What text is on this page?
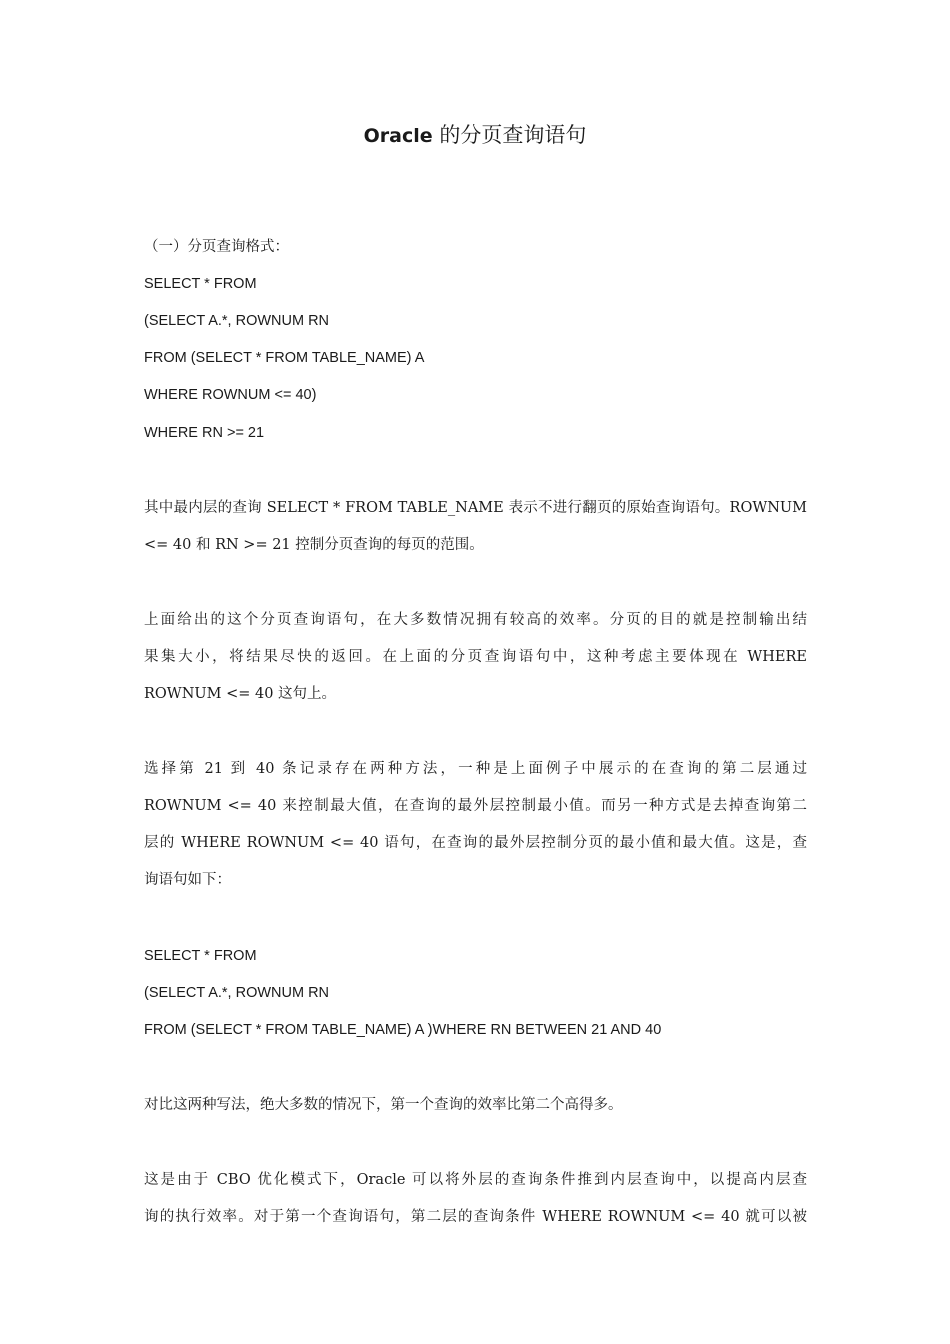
Oracle 的分页查询语句
（一）分页查询格式：
SELECT * FROM
(SELECT A.*, ROWNUM RN
FROM (SELECT * FROM TABLE_NAME) A
WHERE ROWNUM <= 40)
WHERE RN >= 21
其中最内层的查询 SELECT * FROM TABLE_NAME 表示不进行翻页的原始查询语句。ROWNUM
<= 40 和 RN >= 21 控制分页查询的每页的范围。
上面给出的这个分页查询语句，在大多数情况拥有较高的效率。分页的目的就是控制输出结
果集大小，将结果尽快的返回。在上面的分页查询语句中，这种考虑主要体现在 WHERE
ROWNUM <= 40 这句上。
选择第 21 到 40 条记录存在两种方法，一种是上面例子中展示的在查询的第二层通过
ROWNUM <= 40 来控制最大值，在查询的最外层控制最小值。而另一种方式是去掉查询第二
层的 WHERE ROWNUM <= 40 语句，在查询的最外层控制分页的最小值和最大值。这是，查
询语句如下：
SELECT * FROM
(SELECT A.*, ROWNUM RN
FROM (SELECT * FROM TABLE_NAME) A )WHERE RN BETWEEN 21 AND 40
对比这两种写法，绝大多数的情况下，第一个查询的效率比第二个高得多。
这是由于 CBO 优化模式下，Oracle 可以将外层的查询条件推到内层查询中，以提高内层查
询的执行效率。对于第一个查询语句，第二层的查询条件 WHERE ROWNUM <= 40 就可以被
